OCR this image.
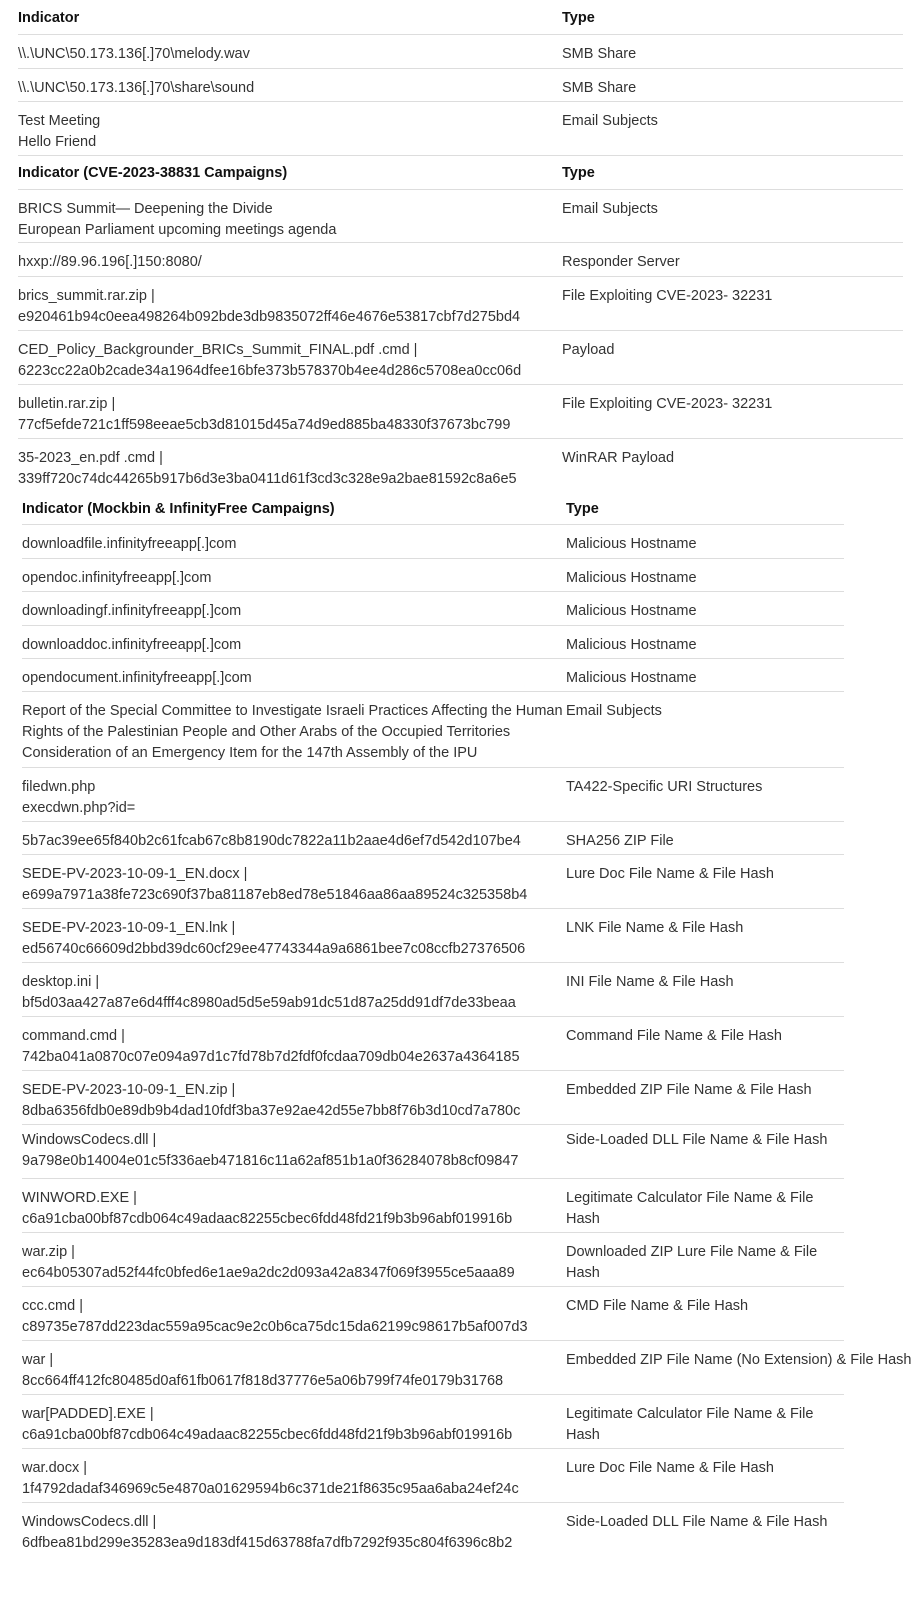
Indicator	Type

\\.\UNC\50.173.136[.]70\melody.wav	SMB Share

\\.\UNC\50.173.136[.]70\share\sound	SMB Share

Test Meeting
Hello Friend	Email Subjects
Indicator (CVE-2023-38831 Campaigns)	Type

BRICS Summit— Deepening the Divide
European Parliament upcoming meetings agenda	Email Subjects

hxxp://89.96.196[.]150:8080/	Responder Server

brics_summit.rar.zip |
e920461b94c0eea498264b092bde3db9835072ff46e4676e53817cbf7d275bd4	File Exploiting CVE-2023- 32231

CED_Policy_Backgrounder_BRICs_Summit_FINAL.pdf .cmd |
6223cc22a0b2cade34a1964dfee16bfe373b578370b4ee4d286c5708ea0cc06d	Payload

bulletin.rar.zip |
77cf5efde721c1ff598eeae5cb3d81015d45a74d9ed885ba48330f37673bc799	File Exploiting CVE-2023- 32231

35-2023_en.pdf .cmd |
339ff720c74dc44265b917b6d3e3ba0411d61f3cd3c328e9a2bae81592c8a6e5	WinRAR Payload
Indicator (Mockbin & InfinityFree Campaigns)	Type

downloadfile.infinityfreeapp[.]com	Malicious Hostname

opendoc.infinityfreeapp[.]com	Malicious Hostname

downloadingf.infinityfreeapp[.]com	Malicious Hostname

downloaddoc.infinityfreeapp[.]com	Malicious Hostname

opendocument.infinityfreeapp[.]com	Malicious Hostname

Report of the Special Committee to Investigate Israeli Practices Affecting the Human
Rights of the Palestinian People and Other Arabs of the Occupied Territories
Consideration of an Emergency Item for the 147th Assembly of the IPU	Email Subjects

filedwn.php
execdwn.php?id=	TA422-Specific URI Structures

5b7ac39ee65f840b2c61fcab67c8b8190dc7822a11b2aae4d6ef7d542d107be4	SHA256 ZIP File

SEDE-PV-2023-10-09-1_EN.docx |
e699a7971a38fe723c690f37ba81187eb8ed78e51846aa86aa89524c325358b4	Lure Doc File Name & File Hash

SEDE-PV-2023-10-09-1_EN.lnk |
ed56740c66609d2bbd39dc60cf29ee47743344a9a6861bee7c08ccfb27376506	LNK File Name & File Hash

desktop.ini |
bf5d03aa427a87e6d4fff4c8980ad5d5e59ab91dc51d87a25dd91df7de33beaa	INI File Name & File Hash

command.cmd |
742ba041a0870c07e094a97d1c7fd78b7d2fdf0fcdaa709db04e2637a4364185	Command File Name & File Hash

SEDE-PV-2023-10-09-1_EN.zip |
8dba6356fdb0e89db9b4dad10fdf3ba37e92ae42d55e7bb8f76b3d10cd7a780c	Embedded ZIP File Name & File Hash

WindowsCodecs.dll |
9a798e0b14004e01c5f336aeb471816c11a62af851b1a0f36284078b8cf09847	Side-Loaded DLL File Name & File Hash

WINWORD.EXE |
c6a91cba00bf87cdb064c49adaac82255cbec6fdd48fd21f9b3b96abf019916b	Legitimate Calculator File Name & File Hash

war.zip |
ec64b05307ad52f44fc0bfed6e1ae9a2dc2d093a42a8347f069f3955ce5aaa89	Downloaded ZIP Lure File Name & File Hash

ccc.cmd |
c89735e787dd223dac559a95cac9e2c0b6ca75dc15da62199c98617b5af007d3	CMD File Name & File Hash

war |
8cc664ff412fc80485d0af61fb0617f818d37776e5a06b799f74fe0179b31768	Embedded ZIP File Name (No Extension) & File Hash

war[PADDED].EXE |
c6a91cba00bf87cdb064c49adaac82255cbec6fdd48fd21f9b3b96abf019916b	Legitimate Calculator File Name & File Hash

war.docx |
1f4792dadaf346969c5e4870a01629594b6c371de21f8635c95aa6aba24ef24c	Lure Doc File Name & File Hash

WindowsCodecs.dll |
6dfbea81bd299e35283ea9d183df415d63788fa7dfb7292f935c804f6396c8b2	Side-Loaded DLL File Name & File Hash
